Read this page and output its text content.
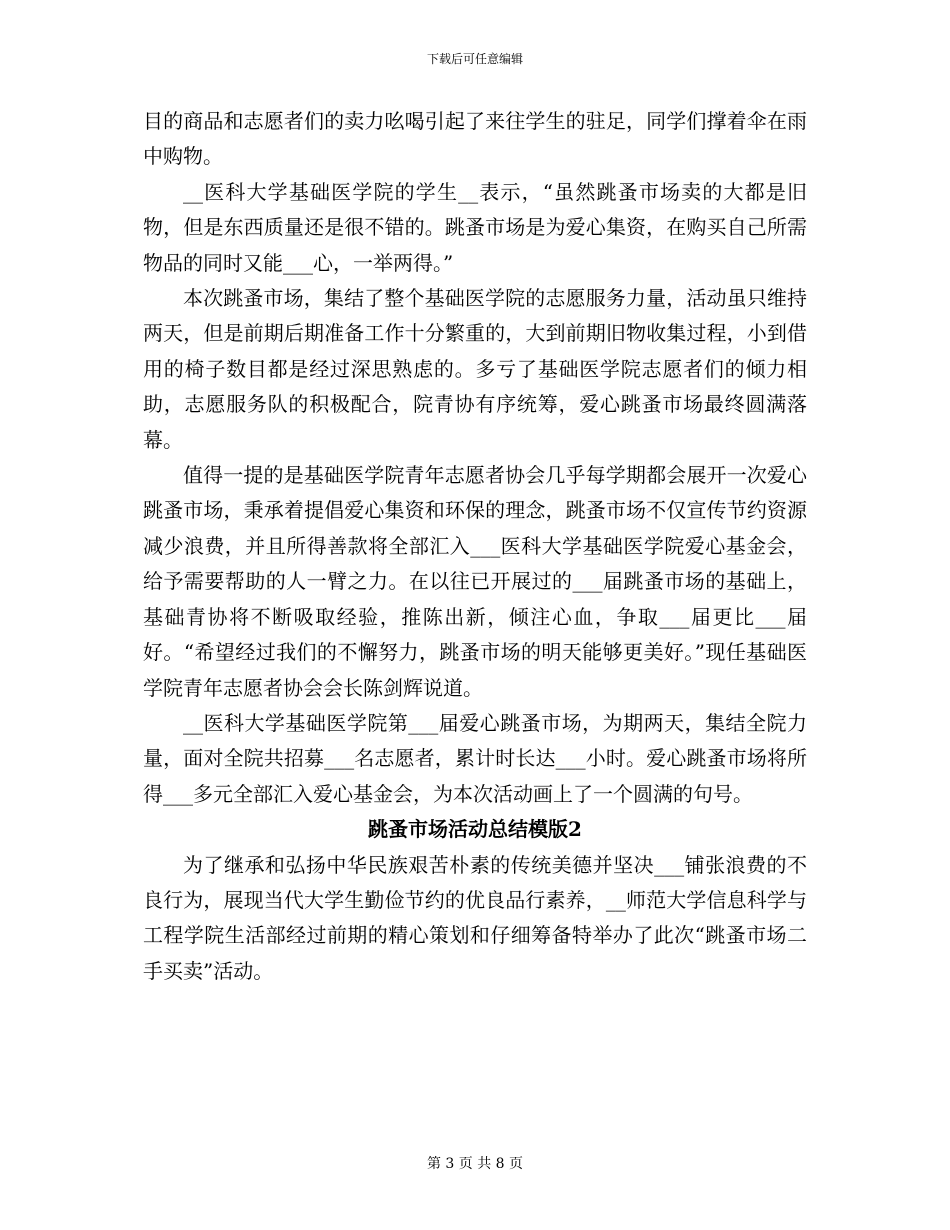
下载后可任意编辑

目的商品和志愿者们的卖力吆喝引起了来往学生的驻足，同学们撑着伞在雨中购物。

__医科大学基础医学院的学生__表示，“虽然跳蚤市场卖的大都是旧物，但是东西质量还是很不错的。跳蚤市场是为爱心集资，在购买自己所需物品的同时又能___心，一举两得。”

本次跳蚤市场，集结了整个基础医学院的志愿服务力量，活动虽只维持两天，但是前期后期准备工作十分繁重的，大到前期旧物收集过程，小到借用的椅子数目都是经过深思熟虑的。多亏了基础医学院志愿者们的倾力相助，志愿服务队的积极配合，院青协有序统筹，爱心跳蚤市场最终圆满落幕。

值得一提的是基础医学院青年志愿者协会几乎每学期都会展开一次爱心跳蚤市场，秉承着提倡爱心集资和环保的理念，跳蚤市场不仅宣传节约资源减少浪费，并且所得善款将全部汇入___医科大学基础医学院爱心基金会，给予需要帮助的人一臂之力。在以往已开展过的___届跳蚤市场的基础上，基础青协将不断吸取经验，推陈出新，倾注心血，争取___届更比___届好。“希望经过我们的不懈努力，跳蚤市场的明天能够更美好。”现任基础医学院青年志愿者协会会长陈剑辉说道。

__医科大学基础医学院第___届爱心跳蚤市场，为期两天，集结全院力量，面对全院共招募___名志愿者，累计时长达___小时。爱心跳蚤市场将所得___多元全部汇入爱心基金会，为本次活动画上了一个圆满的句号。

跳蚤市场活动总结模版2

为了继承和弘扬中华民族艰苦朴素的传统美德并坚决___铺张浪费的不良行为，展现当代大学生勤俭节约的优良品行素养，__师范大学信息科学与工程学院生活部经过前期的精心策划和仔细筹备特举办了此次“跳蚤市场二手买卖”活动。

第 3 页 共 8 页
